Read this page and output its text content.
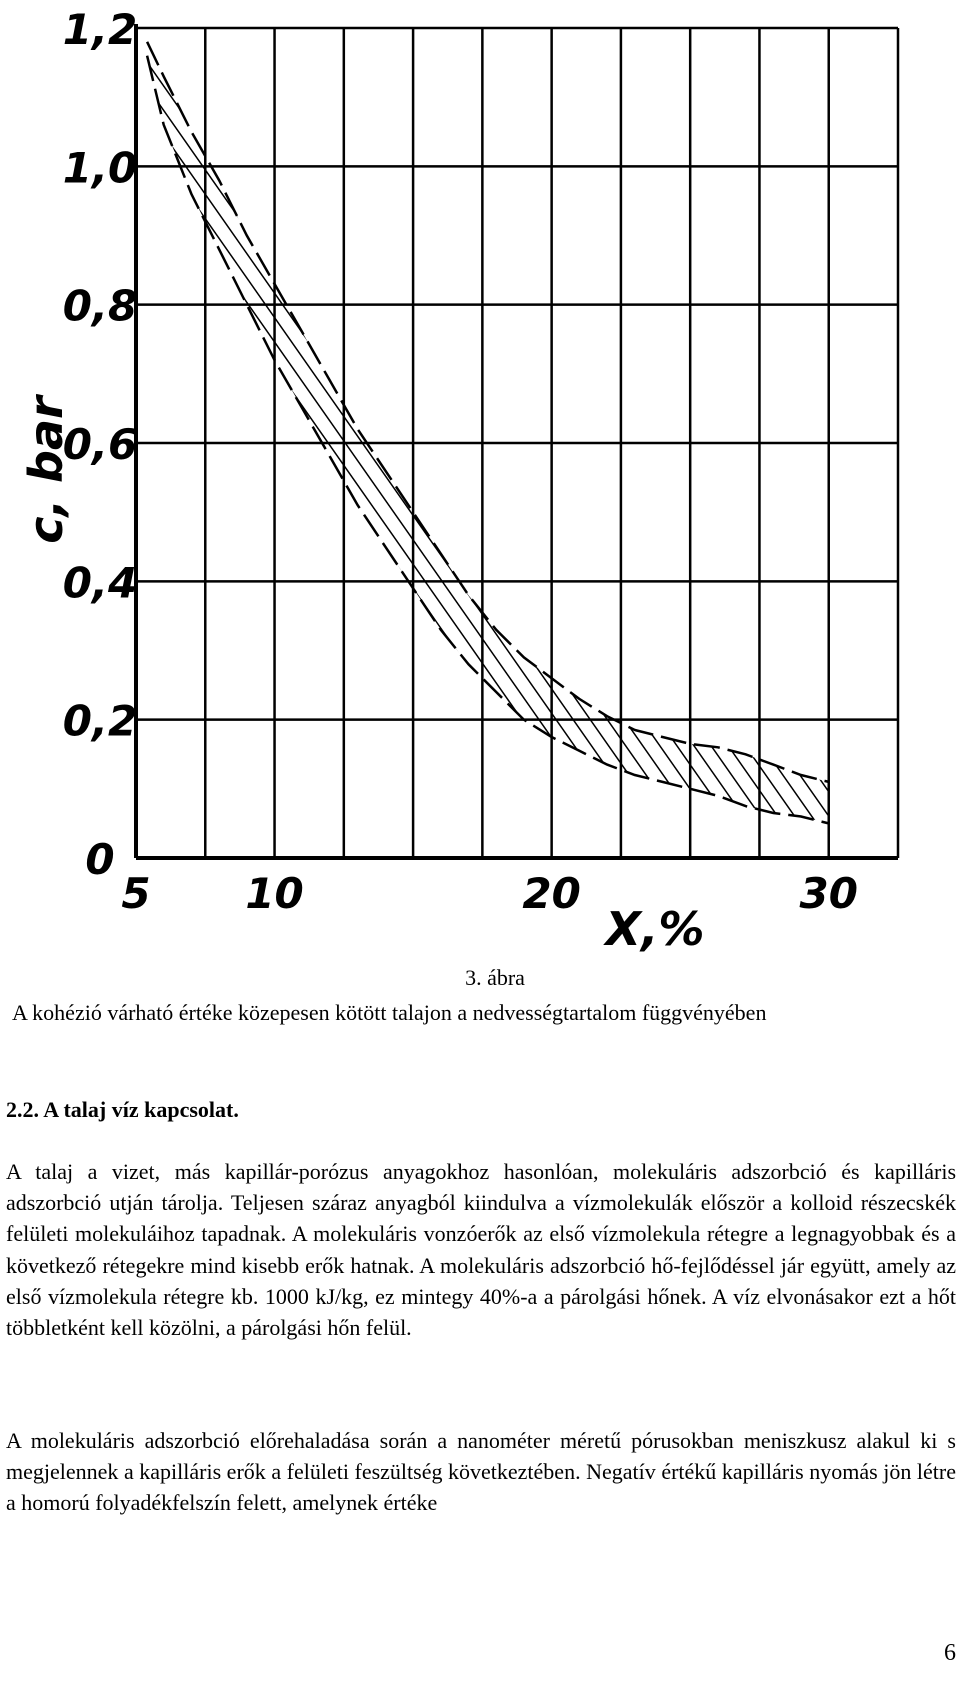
0
0,2
0,4
0,6
0,8
1,0
1,2
5 10	20	30
X,%
c, bar
3. ábra
A kohézió várható értéke közepesen kötött talajon a nedvességtartalom függvényében
2.2. A talaj víz kapcsolat.

A talaj a vizet, más kapillár-porózus anyagokhoz hasonlóan, molekuláris adszorbció és kapilláris adszorbció utján tárolja. Teljesen száraz anyagból kiindulva a vízmolekulák először a kolloid részecskék felületi molekuláihoz tapadnak. A molekuláris vonzóerők az első vízmolekula rétegre a legnagyobbak és a következő rétegekre mind kisebb erők hatnak. A molekuláris adszorbció hő-fejlődéssel jár együtt, amely az első vízmolekula rétegre kb. 1000 kJ/kg, ez mintegy 40%-a a párolgási hőnek. A víz elvonásakor ezt a hőt többletként kell közölni, a párolgási hőn felül.

A molekuláris adszorbció előrehaladása során a nanométer méretű pórusokban meniszkusz alakul ki s megjelennek a kapilláris erők a felületi feszültség következtében. Negatív értékű kapilláris nyomás jön létre a homorú folyadékfelszín felett, amelynek értéke

6
